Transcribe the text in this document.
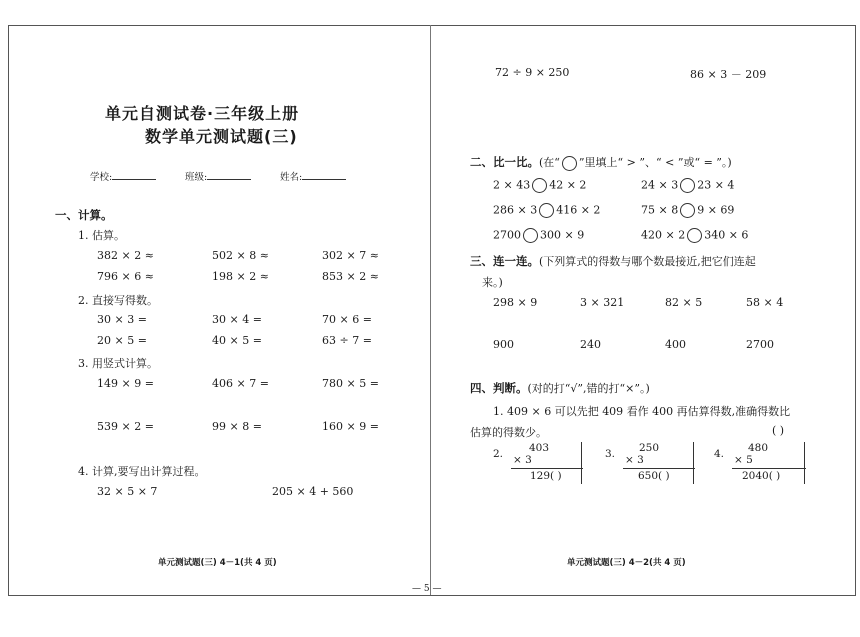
单元自测试卷·三年级上册
数学单元测试题(三)
学校:	班级:	姓名:
一、计算。
1. 估算。
382 × 2 ≈	502 × 8 ≈	302 × 7 ≈
796 × 6 ≈	198 × 2 ≈	853 × 2 ≈
2. 直接写得数。
30 × 3 =	30 × 4 =	70 × 6 =
20 × 5 =	40 × 5 =	63 ÷ 7 =
3. 用竖式计算。
149 × 9 =	406 × 7 =	780 × 5 =
539 × 2 =	99 × 8 =	160 × 9 =
4. 计算,要写出计算过程。
32 × 5 × 7	205 × 4 + 560
单元测试题(三) 4－1(共 4 页)
72 ÷ 9 × 250	86 × 3 － 209
二、比一比。(在“ ”里填上“ > ”、“ < ”或“ = ”。)
2 × 43 42 × 2	24 × 3 23 × 4
286 × 3 416 × 2	75 × 8 9 × 69
2700 300 × 9	420 × 2 340 × 6
三、连一连。(下列算式的得数与哪个数最接近,把它们连起
来。)
298 × 9	3 × 321	82 × 5	58 × 4
900	240	400	2700
四、判断。(对的打“√”,错的打“×”。)
1. 409 × 6 可以先把 409 看作 400 再估算得数,准确得数比
估算的得数少。	( )
2. 403
× 3
129( )
3. 250
× 3
650( )
4. 480
× 5
2040( )
单元测试题(三) 4－2(共 4 页)
— 5 —
